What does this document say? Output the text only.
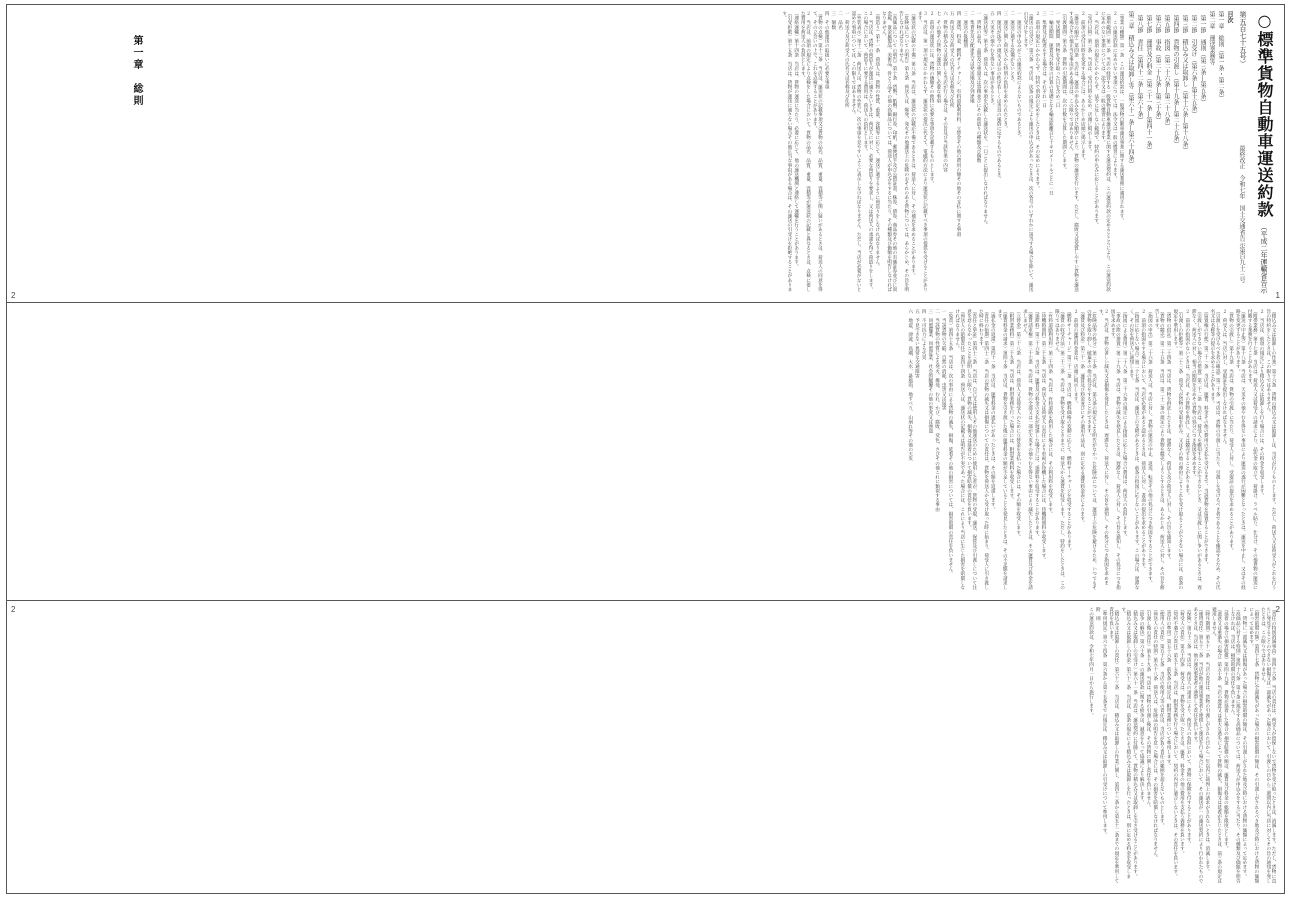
○標準貨物自動車運送約款 （平成二年運輸省告示第五百七十五号）
最終改正　令和七年　国土交通省告示第百九十三号
目次
第一章　総則（第一条・第二条）
第二章　運送業務等
第一節　通則（第三条―第五条）
第二節　引受け（第六条―第十五条）
第三節　積込み又は取卸し（第十六条―第十八条）
第四節　貨物の引渡し（第十九条―第二十五条）
第五節　指図（第二十六条―第二十八条）
第六節　事故（第二十九条―第三十条）
第七節　運賃及び料金（第三十一条―第四十一条）
第八節　責任（第四十二条―第六十条）
第三章　積込み又は取卸し等（第六十一条―第六十四条）
第一章　総則	（事業の種類）第一条　この運送約款は、一般貨物自動車運送事業に関する運送業務に適用されます。
２　この運送約款に定めのない事項については、法令又は一般の慣習によります。
（適用範囲）第二条　当店の経営する一般貨物自動車運送事業に関する運送契約は、この運送約款の定めるところにより、この運送約款に定めのない事項については、法令又は一般の慣習によります。
２　当店は、前項の規定にかかわらず、法令に反しない範囲で、特約の申込みに応じることがあります。
（受付日時）第三条　当店は、受付日時を定め、店頭に掲示します。
２　前項の受付日時を変更する場合には、あらかじめ店頭に掲示します。
（運送の順序）第四条　当店は、運送の申込みを受けた順序により、貨物の運送を行います。ただし、腐敗又は変質しやすい貨物を運送する場合その他正当な事由がある場合は、この限りではありません。
（引渡期間）第五条　貨物の引渡期間は、次の日数を合算した期間とします。
一　発送期間　貨物を受け取った日を含め二日
二　輸送期間　運賃及び料金の計算の基礎となる輸送距離百七十キロメートルごとに一日
三　集貨及び配達をする場合は、それぞれ一日
２　前項の規定にかかわらず、特約で別段の定めをしたときは、その定めによります。
（運送の引受け）第六条　当店は、次条の規定により運送の申込みがあったときは、次の各号のいずれかに該当する場合を除いて、運送の引受けをします。
一　運送の申込みがこの運送約款によらないものであるとき。
二　運送に適する設備がないとき。
三　運送に関し荷送人から特別の負担を求められたとき。
四　運送が法令の規定又は公の秩序若しくは善良の風俗に反するものであるとき。
五　天災その他やむを得ない事由があるとき。
（運送状等）第七条　荷送人は、次の事項を記載した運送状を、一口ごとに提出しなければなりません。
一　貨物の品名、品質及び重量又は容積並びにその荷造りの種類及び個数
二　集貨先及び配達先又は発送地及び到達地
三　運送の扱種別
四　運賃、料金、燃料サーチャージ、有料道路利用料、立替金その他の費用の額その他その支払に関する事項
五　荷送人及び荷受人の氏名又は名称及び住所
六　貨物の積込み又は取卸しを当店が行う場合は、その旨及び当該作業の内容
七　その他その貨物の運送に関し必要な事項
２　前項の運送状には、貨物の価額その他特に必要な事項を記載するものとします。
３　当店は、第一項の規定にかかわらず、運送状の提出に代えて、電磁的方法により運送状に記載すべき事項の提供を受けることがあります。
（運送状の記載の不備）第八条　当店は、運送状の記載が不備であるときは、荷送人に対し、その補充を求めることがあります。
（危険品についての明告）第九条　荷送人は、爆発、発火その他運送上の危険のおそれのある貨物については、あらかじめ、その旨を明告しなければなりません。
（高価品についての明告）第十条　貨幣、紙幣、銀行券、印紙、郵便切手及び公債証書、株券、債券、商品券その他の有価証券並びに貴金属、貴金属製品、美術品、骨とう品その他の高価品については、荷送人が申込みをするに当たり、その種類及び価額を明告しなければなりません。
（荷造り）第十一条　荷送人は、貨物の性質、重量、容積等に応じて、運送に適するように荷造りをしなければなりません。
２　当店は、貨物の荷造りが運送に適さないときは、荷送人に対し、必要な荷造りを要求し、又は荷送人の承諾を得て荷造りをします。この場合において、荷造りに要する費用は、荷送人の負担とします。
（外装表示）第十二条　荷送人は、貨物の外装に、次の事項を見やすいように表示しなければなりません。ただし、当店が必要がないと認めた事項については、この限りではありません。
一　荷送人及び荷受人の氏名又は名称及び住所
二　品名
三　個数
四　その他運送の取扱いに必要な事項
（貨物の点検）第十三条　当店は、運送状の記載事項又は貨物の品名、品質、重量、容積等に関し疑いがあるときは、荷送人の同意を得て、その立会いの上で、これを点検することがあります。
２　当店は、前項の規定により点検をした場合において、貨物の品名、品質、重量、容積等が運送状の記載と異なるときは、点検に要した費用を荷送人の負担とします。
（連絡運輸）第十四条　当店は、貨物の運送に当たり、必要に応じて、他の運送機関と連絡して運輸を行うことがあります。
（引受拒絶）第十五条　当店は、貨物が運送に適さない場合その他正当な事由がある場合は、その運送の引受けを拒絶することがあります。
（積込み又は取卸しの作業）第十六条　貨物の積込み又は取卸しは、当店が行うものとします。ただし、荷送人又は荷受人がこれを行う旨の特約をしたときは、この限りではありません。
２　当店は、前項の規定により積込み又は取卸しを行う場合には、その料金を収受します。
（附帯業務）第十七条　当店は、荷送人又は荷受人の請求により、品代金の取立て、荷掛け、ラベル貼り、仕分け、その他貨物の運送に付随する業務を行うことがあります。
（運送の中止等）第十八条　当店は、天災その他やむを得ない事由により運送の遂行が困難となったときは、運送を中止し、又はその経路を変更することがあります。
（貨物の引渡し）第十九条　当店は、貨物の引渡しに当たり、荷受人に対し、受取証の提出を求めることがあります。
２　荷受人は、当店に対し、受取証を提出しなければなりません。
（引渡しを受けるべき者の確認）第二十条　当店は、貨物の引渡しに当たり、引渡しを受けるべき者であることを確認するため、その氏名又は名称等の提示を求めることがあります。
（留置権の行使）第二十一条　当店は、運賃、料金その他の費用の支払を受けるまで、当該貨物を留置することができます。
（引渡しができない場合の措置）第二十二条　当店は、荷受人を確知することができないとき、又は引渡しに関し争いがあるときは、遅滞なく、荷送人に対し、相当の期間を定めその貨物の処分につき指図を求めます。
２　前項の指図がないときは、当店は、その貨物を供託し、又は競売することがあります。
（引渡しの拒絶等）第二十三条　荷受人が貨物の受取を拒み、又はその他の理由によりこれを受け取ることができない場合には、前条の規定を準用します。
（貨物の供託）第二十四条　当店は、貨物を供託したときは、遅滞なく、荷送人及び荷受人に対し、その旨を通知します。
（貨物の競売）第二十五条　当店は、第二十二条の規定により貨物を競売しようとするときは、あらかじめ、荷送人に対し、その旨を催告します。
（指図の申出）第二十六条　荷送人は、当店に対し、貨物の運送の中止、返送、転送その他の処分につき指図をすることができます。
２　前項の指図をする場合において、当店が必要があると認めるときは、荷送人に対し、書面の提出を求めることがあります。
（指図に応じない場合）第二十七条　当店は、運送上の支障があるときは、前条の指図に応じないことがあります。この場合は、遅滞なく、その旨を荷送人に通知します。
（指図による費用）第二十八条　第二十六条の規定による指図に応じた場合の費用は、荷送人の負担とします。
（事故の際の措置）第二十九条　当店は、貨物の滅失を発見したときは、遅滞なく、荷送人に対し、その旨を通知し、その処分につき指図を求めます。
２　当店は、貨物の著しい減失又は損傷を発見したときは、遅滞なく、荷送人に対し、その旨を通知し、その処分につき指図を求めます。
（危険品等の処分）第三十条　当店は、第九条の規定による明告がなかった危険品については、運送上の危険を避けるため、いつでもその貨物を取り卸し、破棄その他の処分をすることができます。
（運賃及び料金）第三十一条　運賃及び料金並びにその適用方法は、別に定める運賃料金表によります。
２　前項の運賃料金表は、店頭に掲示します。
（燃料サーチャージ）第三十二条　当店は、燃料価格の変動に応じて、燃料サーチャージを収受することがあります。
（運賃の収受方法）第三十三条　当店は、貨物を受け取るときまでに、荷送人から運賃を収受します。ただし、特約をしたときは、この限りではありません。
（有料道路利用料）第三十四条　当店は、有料道路を利用した場合には、その利用料を収受します。
（待機時間料）第三十五条　当店は、荷送人又は荷受人の責任により車両が待機した場合には、待機時間料を収受します。
（延滞料）第三十六条　当店は、運賃及び料金の支払が遅延した場合には、延滞料を収受することがあります。
（運賃請求権）第三十七条　当店は、貨物の全部又は一部が天災その他やむを得ない事由により滅失したときは、その運賃及び料金を請求しません。
（立替金）第三十八条　当店は、荷送人又は荷受人のために立替金を支払った場合には、その額を収受します。
（附帯業務料）第三十九条　当店は、附帯業務を行った場合には、附帯業務料を収受します。
（運賃料金の請求）第四十条　当店は、貨物を引き渡した後に運賃料金の額が不足していることを発見したときは、その不足額を請求します。
（過払金の返還）第四十一条　当店は、運賃料金の過払いがあったときは、その額を返還します。
（責任の始期）第四十二条　当店の貨物の滅失又は損傷についての責任は、貨物を荷送人から受け取った時に始まり、荷受人に引き渡した時に終わります。
（責任と挙証）第四十三条　当店は、自己又は使用人その他運送のために使用した者が、貨物の受取、運送、保管及び引渡しについて注意を怠らなかったことを証明しない限り、貨物の滅失、損傷又は延着について損害賠償の責任を負います。
（荷送人の賠償責任）第四十四条　荷送人は、運送状の記載又は明告が不実であった場合には、これにより当店に生じた損害を賠償しなければなりません。
（免責）第四十五条　当店は、次の事由による貨物の滅失、損傷、延着その他の損害については、損害賠償の責任を負いません。
一　当該貨物の欠陥、自然の消耗、虫害又は鼠害
二　当該貨物の性質による発火、爆発、むれ、かび、腐敗、変色、さびその他これに類似する事由
三　同盟罷業、同盟怠業、社会的騒擾その他の事変又は強盗
四　不可抗力による火災
五　予見できない異常な交通障害
六　地震、津波、高潮、大水、暴風雨、地すべり、山崩れ等その他の天災
（責任の特別消滅事由）第四十六条　当店の責任は、荷受人が留保しないで貨物を受け取ったときは、消滅します。ただし、貨物に直ちに発見することのできない損傷又は一部滅失があった場合において、引渡しの日から二週間以内に当店に対してその旨の通知を発したときは、この限りではありません。
（損害賠償の額）第四十七条　貨物に全部滅失があった場合の損害賠償の額は、その引渡しがされるべき地及び時における貨物の価額によって定めます。
２　貨物に一部滅失又は損傷があった場合の損害賠償の額は、その引渡しがされた地及び時における貨物の価額によって定めます。
（高価品に対する特則）第四十八条　第十条に規定する高価品については、荷送人が申込みをするに当たり、その種類及び価額を明告しなければ、当店は、損害賠償の責任を負いません。
（延着の場合の損害賠償）第四十九条　貨物が延着した場合の損害賠償の額は、運賃及び料金の総額を限度とします。
（悪意又は重過失の場合）第五十条　当店の悪意又は重大な過失によって貨物の滅失、損傷又は延着が生じたときは、前三条の規定は適用しません。
（除斥期間）第五十一条　当店の責任は、貨物の引渡しがされた日から一年以内に裁判上の請求がされないときは、消滅します。
（連帯責任）第五十二条　当店が他の運送事業者と連絡して運送を行う場合において、その運送が一の運送契約により行われたものであるときは、当店は、他の運送事業者と連帯して責任を負います。
（保険）第五十三条　当店は、荷送人の請求により、荷送人の負担において、貨物に保険を付することがあります。
（荷受人の責任）第五十四条　荷受人は、貨物を受け取ったときは、運賃、料金その他の費用を支払う義務を負います。
（契約不適合の責任）第五十五条　当店は、附帯業務を行う場合において、契約の内容に適合しないときは、その責任を負います。
（責任の準用）第五十六条　前各条の規定は、附帯業務について準用します。
（使用人の責任）第五十七条　当店の使用人等の責任は、当店が負う責任の範囲を超えないものとします。
（荷送人の責任の特則）第五十八条　荷送人は、危険品の明告を怠った場合には、その損害を賠償しなければなりません。
（引渡し後の責任）第五十九条　当店は、貨物の引渡し後は、その貨物に関し責任を負いません。
（紛争の解決）第六十条　この運送約款に関する紛争は、誠意をもって協議により解決します。
（積込み又は取卸しの引受け）第六十一条　当店は、運送契約に付随して、貨物の積込み又は取卸しを引き受けることがあります。
（積込み又は取卸しの料金）第六十二条　当店は、前条の規定により積込み又は取卸しを行ったときは、別に定める料金を収受します。
（積込み又は取卸しの責任）第六十三条　当店は、積込み又は取卸しの作業に関し、第四十三条から第五十二条までの規定を準用して責任を負います。
（準用規定）第六十四条　第六条から第十五条までの規定は、積込み又は取卸しの引受けについて準用します。
附　則
この運送約款は、令和七年四月一日から施行します。
1
2
2
2
